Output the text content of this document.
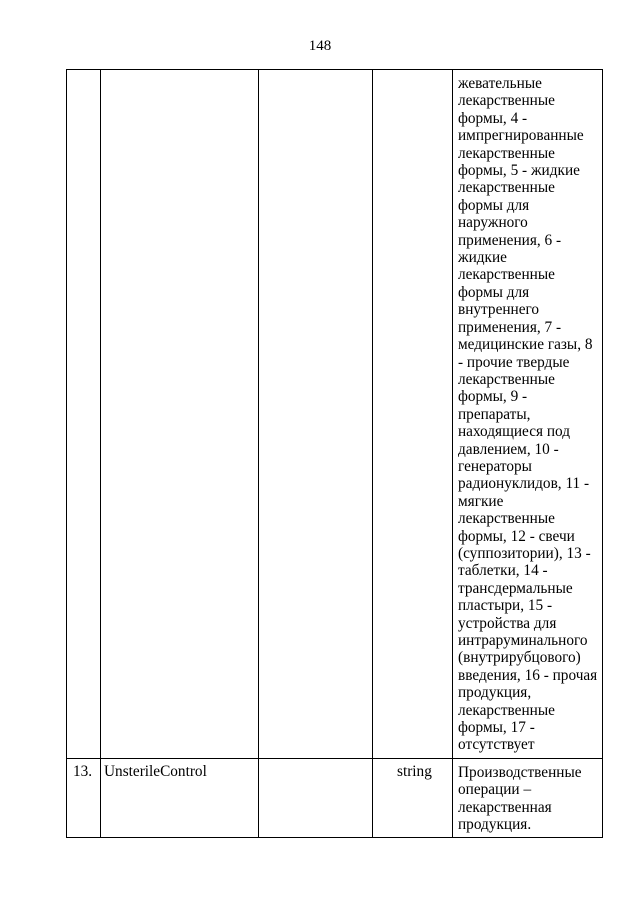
148
				жевательные лекарственные формы, 4 - импрегнированные лекарственные формы, 5 - жидкие лекарственные формы для наружного применения, 6 - жидкие лекарственные формы для внутреннего применения, 7 - медицинские газы, 8 - прочие твердые лекарственные формы, 9 - препараты, находящиеся под давлением, 10 - генераторы радионуклидов, 11 - мягкие лекарственные формы, 12 - свечи (суппозитории), 13 - таблетки, 14 - трансдермальные пластыри, 15 - устройства для интраруминального (внутрирубцового) введения, 16 - прочая продукция, лекарственные формы, 17 - отсутствует
13.	UnsterileControl		string	Производственные операции – лекарственная продукция.
